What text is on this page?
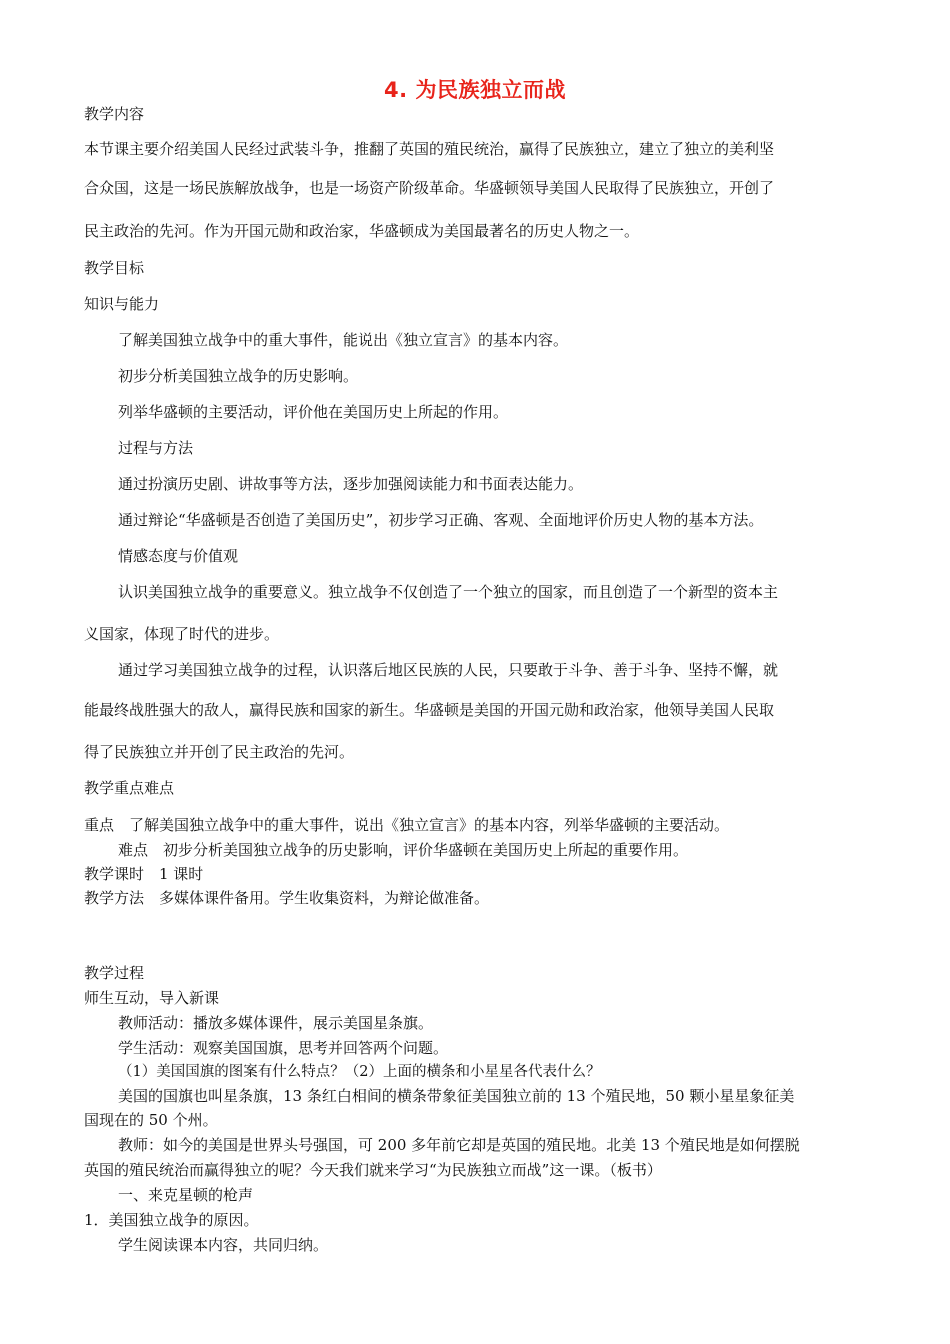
4. 为民族独立而战
教学内容
本节课主要介绍美国人民经过武装斗争，推翻了英国的殖民统治，赢得了民族独立，建立了独立的美利坚
合众国，这是一场民族解放战争，也是一场资产阶级革命。华盛顿领导美国人民取得了民族独立，开创了
民主政治的先河。作为开国元勋和政治家，华盛顿成为美国最著名的历史人物之一。
教学目标
知识与能力
了解美国独立战争中的重大事件，能说出《独立宣言》的基本内容。
初步分析美国独立战争的历史影响。
列举华盛顿的主要活动，评价他在美国历史上所起的作用。
过程与方法
通过扮演历史剧、讲故事等方法，逐步加强阅读能力和书面表达能力。
通过辩论“华盛顿是否创造了美国历史”，初步学习正确、客观、全面地评价历史人物的基本方法。
情感态度与价值观
认识美国独立战争的重要意义。独立战争不仅创造了一个独立的国家，而且创造了一个新型的资本主
义国家，体现了时代的进步。
通过学习美国独立战争的过程，认识落后地区民族的人民，只要敢于斗争、善于斗争、坚持不懈，就
能最终战胜强大的敌人，赢得民族和国家的新生。华盛顿是美国的开国元勋和政治家，他领导美国人民取
得了民族独立并开创了民主政治的先河。
教学重点难点
重点　了解美国独立战争中的重大事件，说出《独立宣言》的基本内容，列举华盛顿的主要活动。
难点　初步分析美国独立战争的历史影响，评价华盛顿在美国历史上所起的重要作用。
教学课时　1 课时
教学方法　多媒体课件备用。学生收集资料，为辩论做准备。
教学过程
师生互动，导入新课
教师活动：播放多媒体课件，展示美国星条旗。
学生活动：观察美国国旗，思考并回答两个问题。
（1）美国国旗的图案有什么特点？（2）上面的横条和小星星各代表什么？
美国的国旗也叫星条旗，13 条红白相间的横条带象征美国独立前的 13 个殖民地，50 颗小星星象征美
国现在的 50 个州。
教师：如今的美国是世界头号强国，可 200 多年前它却是英国的殖民地。北美 13 个殖民地是如何摆脱
英国的殖民统治而赢得独立的呢？今天我们就来学习“为民族独立而战”这一课。（板书）
一、来克星顿的枪声
1．美国独立战争的原因。
学生阅读课本内容，共同归纳。
